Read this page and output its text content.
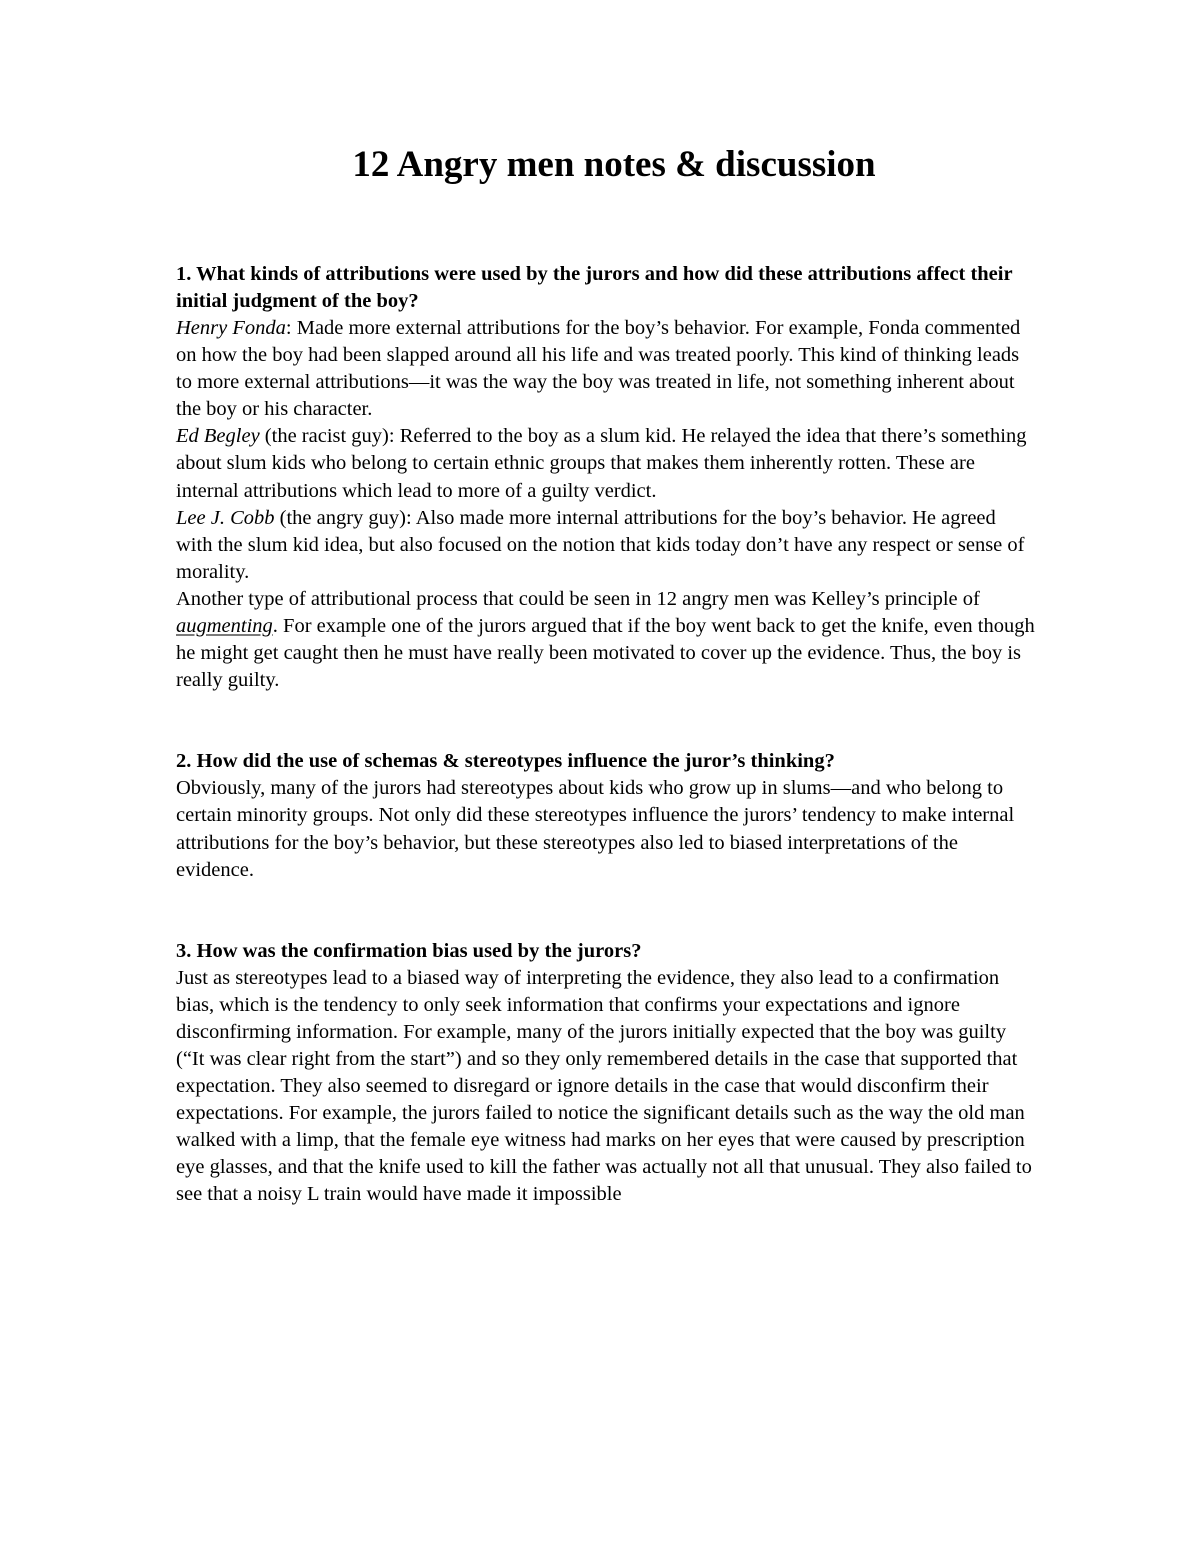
12 Angry men notes & discussion

1. What kinds of attributions were used by the jurors and how did these attributions affect their initial judgment of the boy?

Henry Fonda: Made more external attributions for the boy’s behavior. For example, Fonda commented on how the boy had been slapped around all his life and was treated poorly. This kind of thinking leads to more external attributions—it was the way the boy was treated in life, not something inherent about the boy or his character.

Ed Begley (the racist guy): Referred to the boy as a slum kid. He relayed the idea that there’s something about slum kids who belong to certain ethnic groups that makes them inherently rotten. These are internal attributions which lead to more of a guilty verdict.

Lee J. Cobb (the angry guy): Also made more internal attributions for the boy’s behavior. He agreed with the slum kid idea, but also focused on the notion that kids today don’t have any respect or sense of morality.

Another type of attributional process that could be seen in 12 angry men was Kelley’s principle of augmenting. For example one of the jurors argued that if the boy went back to get the knife, even though he might get caught then he must have really been motivated to cover up the evidence. Thus, the boy is really guilty.

2. How did the use of schemas & stereotypes influence the juror’s thinking?

Obviously, many of the jurors had stereotypes about kids who grow up in slums—and who belong to certain minority groups. Not only did these stereotypes influence the jurors’ tendency to make internal attributions for the boy’s behavior, but these stereotypes also led to biased interpretations of the evidence.

3. How was the confirmation bias used by the jurors?

Just as stereotypes lead to a biased way of interpreting the evidence, they also lead to a confirmation bias, which is the tendency to only seek information that confirms your expectations and ignore disconfirming information. For example, many of the jurors initially expected that the boy was guilty (“It was clear right from the start”) and so they only remembered details in the case that supported that expectation. They also seemed to disregard or ignore details in the case that would disconfirm their expectations. For example, the jurors failed to notice the significant details such as the way the old man walked with a limp, that the female eye witness had marks on her eyes that were caused by prescription eye glasses, and that the knife used to kill the father was actually not all that unusual. They also failed to see that a noisy L train would have made it impossible
